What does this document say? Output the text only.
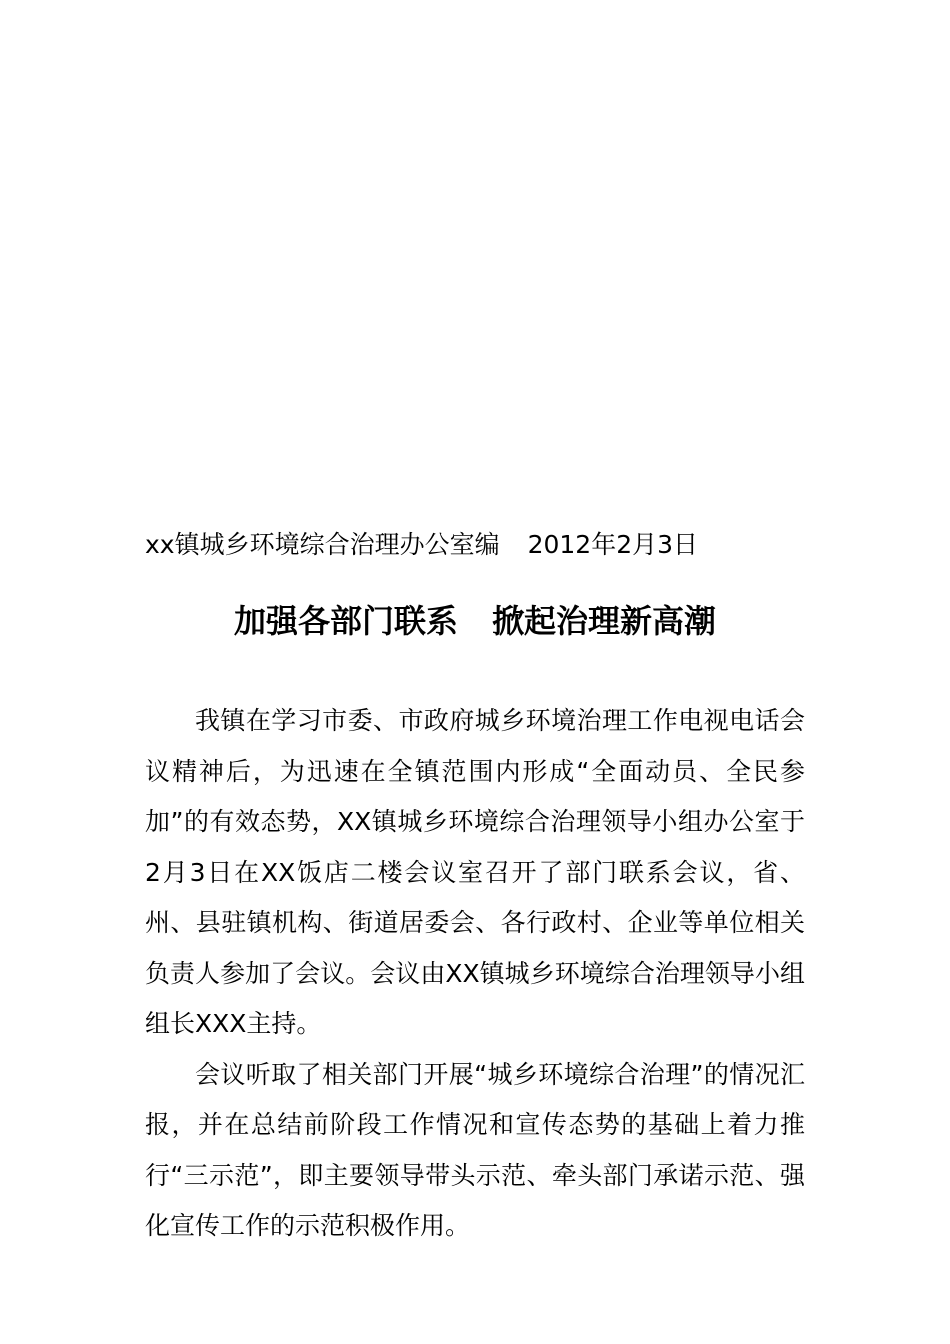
xx镇城乡环境综合治理办公室编 2012年2月3日
加强各部门联系 掀起治理新高潮

我镇在学习市委、市政府城乡环境治理工作电视电话会议精神后，为迅速在全镇范围内形成“全面动员、全民参加”的有效态势，XX镇城乡环境综合治理领导小组办公室于2月3日在XX饭店二楼会议室召开了部门联系会议，省、州、县驻镇机构、街道居委会、各行政村、企业等单位相关负责人参加了会议。会议由XX镇城乡环境综合治理领导小组组长XXX主持。

会议听取了相关部门开展“城乡环境综合治理”的情况汇报，并在总结前阶段工作情况和宣传态势的基础上着力推行“三示范”，即主要领导带头示范、牵头部门承诺示范、强化宣传工作的示范积极作用。
